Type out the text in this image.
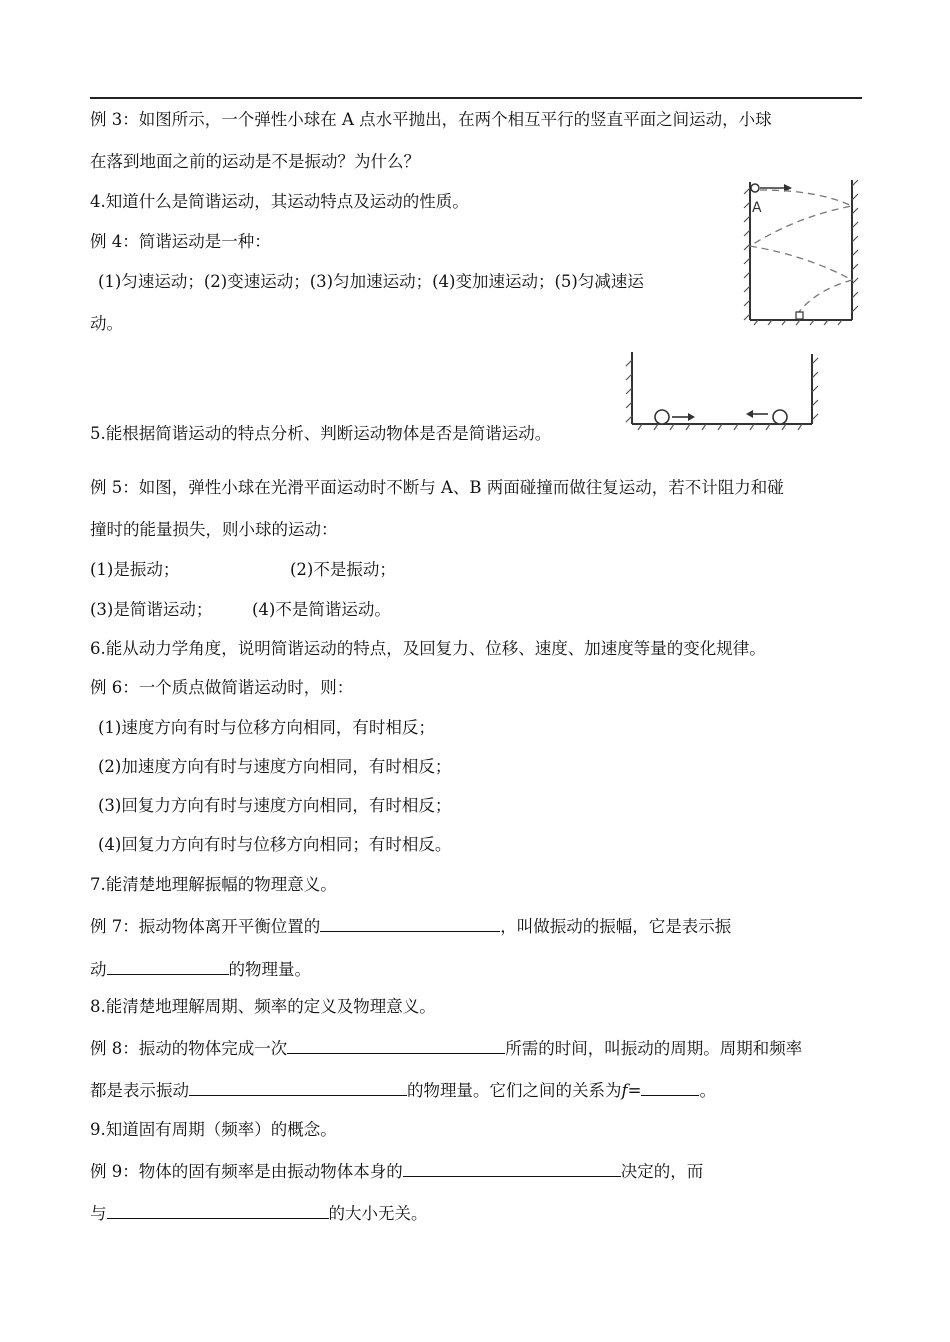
例 3：如图所示，一个弹性小球在 A 点水平抛出，在两个相互平行的竖直平面之间运动，小球
在落到地面之前的运动是不是振动？为什么？
A
4.知道什么是简谐运动，其运动特点及运动的性质。
例 4：简谐运动是一种：
(1)匀速运动；(2)变速运动；(3)匀加速运动；(4)变加速运动；(5)匀减速运
动。
5.能根据简谐运动的特点分析、判断运动物体是否是简谐运动。
例 5：如图，弹性小球在光滑平面运动时不断与 A、B 两面碰撞而做往复运动，若不计阻力和碰
撞时的能量损失，则小球的运动：
(1)是振动；	(2)不是振动；
(3)是简谐运动； (4)不是简谐运动。
6.能从动力学角度，说明简谐运动的特点，及回复力、位移、速度、加速度等量的变化规律。
例 6：一个质点做简谐运动时，则：
(1)速度方向有时与位移方向相同，有时相反；
(2)加速度方向有时与速度方向相同，有时相反；
(3)回复力方向有时与速度方向相同，有时相反；
(4)回复力方向有时与位移方向相同；有时相反。
7.能清楚地理解振幅的物理意义。
例 7：振动物体离开平衡位置的	，叫做振动的振幅，它是表示振
动	的物理量。
8.能清楚地理解周期、频率的定义及物理意义。
例 8：振动的物体完成一次	所需的时间，叫振动的周期。周期和频率
都是表示振动	的物理量。它们之间的关系为f=	。
9.知道固有周期（频率）的概念。
例 9：物体的固有频率是由振动物体本身的	决定的，而
与	的大小无关。
